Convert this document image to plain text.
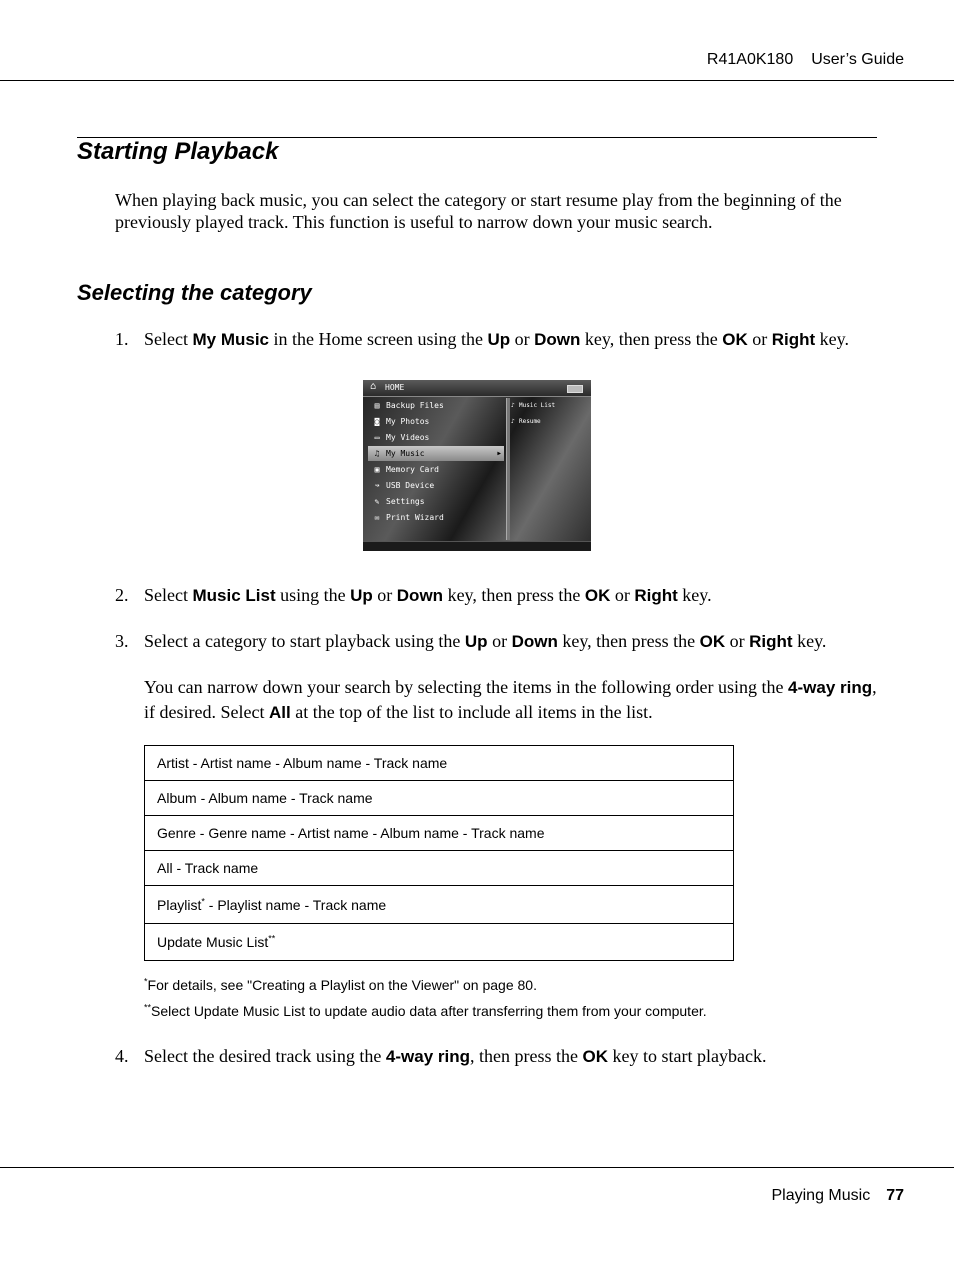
R41A0K180 User’s Guide
Starting Playback

When playing back music, you can select the category or start resume play from the beginning of the previously played track. This function is useful to narrow down your music search.

Selecting the category
1. Select My Music in the Home screen using the Up or Down key, then press the OK or Right key.
⌂ HOME
▤ Backup Files
◙ My Photos
▭ My Videos
♫ My Music	▶
▣ Memory Card
↝ USB Device
✎ Settings
✉ Print Wizard
♪ Music List
♪ Resume
2. Select Music List using the Up or Down key, then press the OK or Right key.
3. Select a category to start playback using the Up or Down key, then press the OK or Right key.

You can narrow down your search by selecting the items in the following order using the 4-way ring, if desired. Select All at the top of the list to include all items in the list.

Artist - Artist name - Album name - Track name
Album - Album name - Track name
Genre - Genre name - Artist name - Album name - Track name
All - Track name
Playlist* - Playlist name - Track name
Update Music List**
*For details, see "Creating a Playlist on the Viewer" on page 80.
**Select Update Music List to update audio data after transferring them from your computer.
4. Select the desired track using the 4-way ring, then press the OK key to start playback.
Playing Music 77
